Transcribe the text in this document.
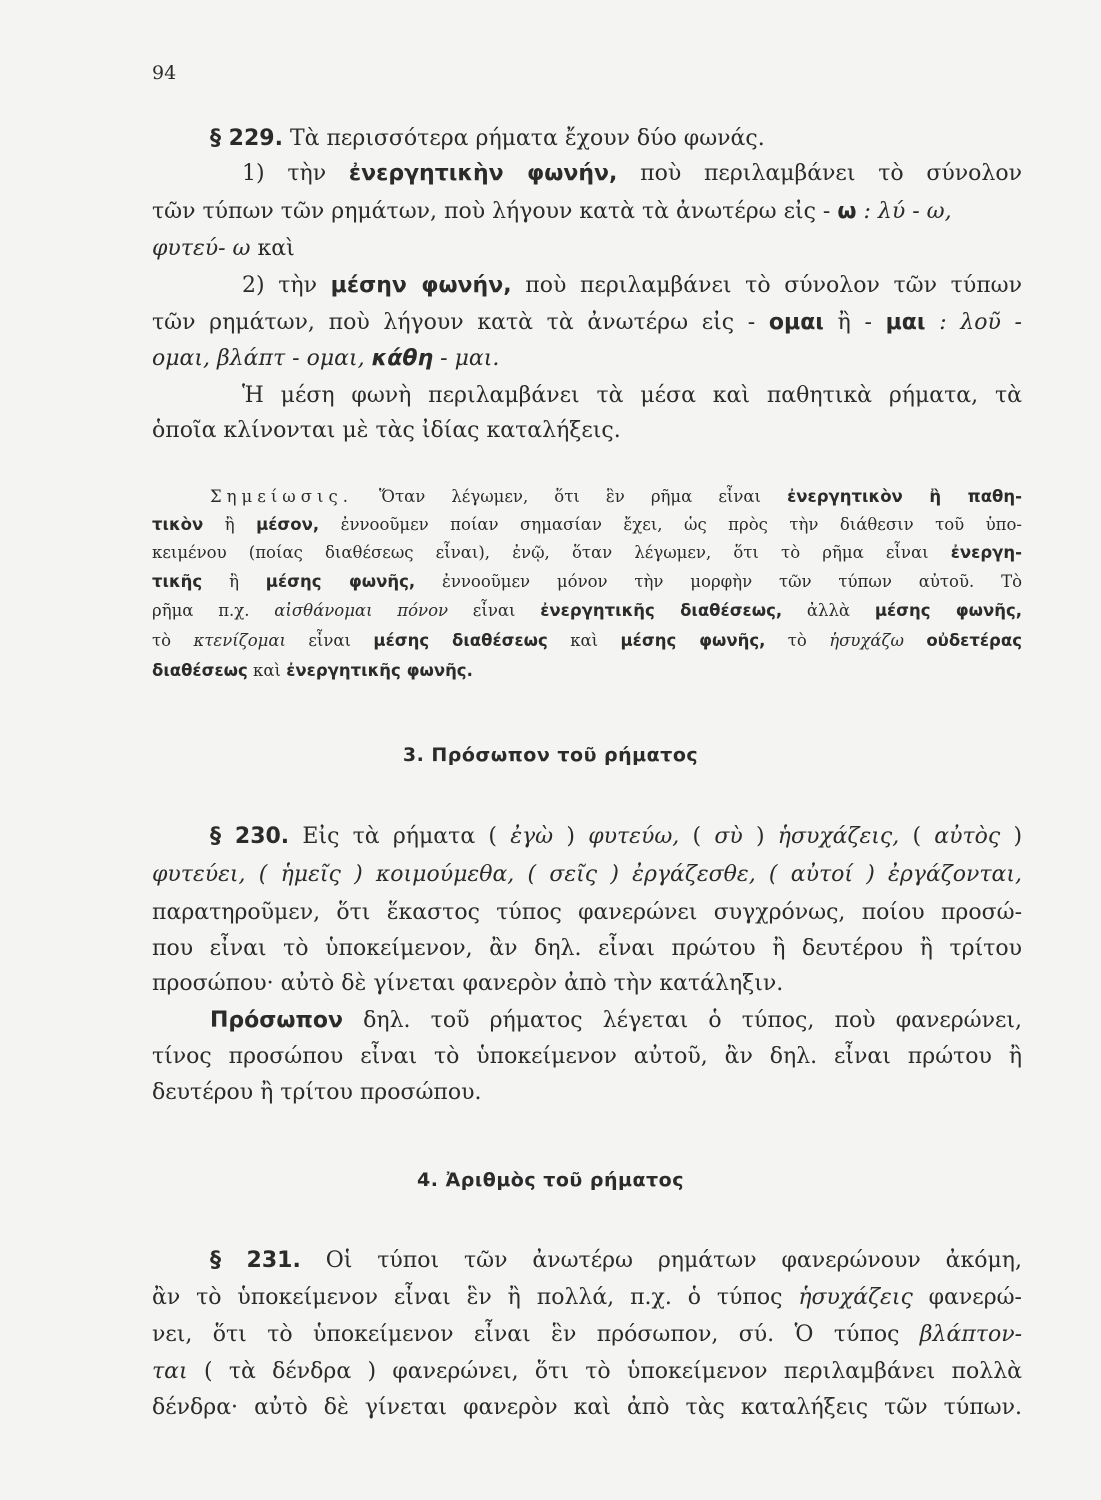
94
§ 229. Τὰ περισσότερα ρήματα ἔχουν δύο φωνάς.
1) τὴν ἐνεργητικὴν φωνήν, ποὺ περιλαμβάνει τὸ σύνολον
τῶν τύπων τῶν ρημάτων, ποὺ λήγουν κατὰ τὰ ἀνωτέρω εἰς - ω : λύ - ω,
φυτεύ- ω καὶ
2) τὴν μέσην φωνήν, ποὺ περιλαμβάνει τὸ σύνολον τῶν τύπων
τῶν ρημάτων, ποὺ λήγουν κατὰ τὰ ἀνωτέρω εἰς - ομαι ἢ - μαι : λοῦ -
ομαι, βλάπτ - ομαι, κάθη - μαι.
Ἡ μέση φωνὴ περιλαμβάνει τὰ μέσα καὶ παθητικὰ ρήματα, τὰ
ὁποῖα κλίνονται μὲ τὰς ἰδίας καταλήξεις.
Σημείωσις. Ὅταν λέγωμεν, ὅτι ἓν ρῆμα εἶναι ἐνεργητικὸν ἢ παθη-
τικὸν ἢ μέσον, ἐννοοῦμεν ποίαν σημασίαν ἔχει, ὡς πρὸς τὴν διάθεσιν τοῦ ὑπο-
κειμένου (ποίας διαθέσεως εἶναι), ἐνῷ, ὅταν λέγωμεν, ὅτι τὸ ρῆμα εἶναι ἐνεργη-
τικῆς ἢ μέσης φωνῆς, ἐννοοῦμεν μόνον τὴν μορφὴν τῶν τύπων αὐτοῦ. Τὸ
ρῆμα π.χ. αἰσθάνομαι πόνον εἶναι ἐνεργητικῆς διαθέσεως, ἀλλὰ μέσης φωνῆς,
τὸ κτενίζομαι εἶναι μέσης διαθέσεως καὶ μέσης φωνῆς, τὸ ἡσυχάζω οὐδετέρας
διαθέσεως καὶ ἐνεργητικῆς φωνῆς.
3. Πρόσωπον τοῦ ρήματος
§ 230. Εἰς τὰ ρήματα ( ἐγὼ ) φυτεύω, ( σὺ ) ἡσυχάζεις, ( αὐτὸς )
φυτεύει, ( ἡμεῖς ) κοιμούμεθα, ( σεῖς ) ἐργάζεσθε, ( αὐτοί ) ἐργάζονται,
παρατηροῦμεν, ὅτι ἕκαστος τύπος φανερώνει συγχρόνως, ποίου προσώ-
που εἶναι τὸ ὑποκείμενον, ἂν δηλ. εἶναι πρώτου ἢ δευτέρου ἢ τρίτου
προσώπου· αὐτὸ δὲ γίνεται φανερὸν ἀπὸ τὴν κατάληξιν.
Πρόσωπον δηλ. τοῦ ρήματος λέγεται ὁ τύπος, ποὺ φανερώνει,
τίνος προσώπου εἶναι τὸ ὑποκείμενον αὐτοῦ, ἂν δηλ. εἶναι πρώτου ἢ
δευτέρου ἢ τρίτου προσώπου.
4. Ἀριθμὸς τοῦ ρήματος
§ 231. Οἱ τύποι τῶν ἀνωτέρω ρημάτων φανερώνουν ἀκόμη,
ἂν τὸ ὑποκείμενον εἶναι ἓν ἢ πολλά, π.χ. ὁ τύπος ἡσυχάζεις φανερώ-
νει, ὅτι τὸ ὑποκείμενον εἶναι ἓν πρόσωπον, σύ. Ὁ τύπος βλάπτον-
ται ( τὰ δένδρα ) φανερώνει, ὅτι τὸ ὑποκείμενον περιλαμβάνει πολλὰ
δένδρα· αὐτὸ δὲ γίνεται φανερὸν καὶ ἀπὸ τὰς καταλήξεις τῶν τύπων.
